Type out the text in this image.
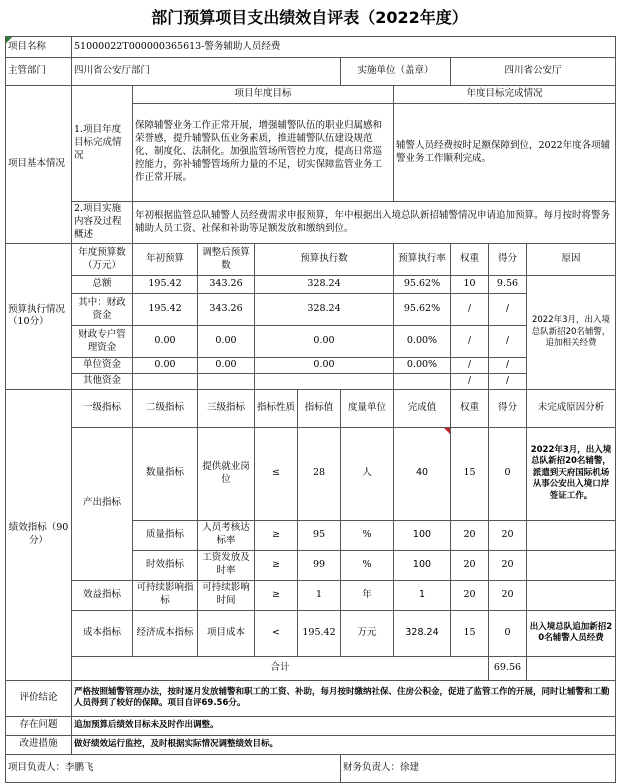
部门预算项目支出绩效自评表（2022年度）
项目名称	51000022T000000365613-警务辅助人员经费									
主管部门	四川省公安厅部门					实施单位（盖章）		四川省公安厅		
项目基本情况	1.项目年度目标完成情况	项目年度目标					年度目标完成情况			
		保障辅警业务工作正常开展，增强辅警队伍的职业归属感和荣誉感，提升辅警队伍业务素质，推进辅警队伍建设规范化、制度化、法制化。加强监管场所管控力度，提高日常巡控能力，弥补辅警管场所力量的不足，切实保障监管业务工作正常开展。					辅警人员经费按时足额保障到位，2022年度各项辅警业务工作顺利完成。			
	2.项目实施内容及过程概述	年初根据监管总队辅警人员经费需求申报预算，年中根据出入境总队新招辅警情况申请追加预算。每月按时将警务辅助人员工资、社保和补助等足额发放和缴纳到位。								
预算执行情况（10分）	年度预算数（万元）	年初预算	调整后预算数	预算执行数			预算执行率	权重	得分	原因
	总额	195.42	343.26	328.24			95.62%	10	9.56	2022年3月，出入境总队新招20名辅警，追加相关经费
	其中：财政资金	195.42	343.26	328.24			95.62%	/	/	
	财政专户管理资金	0.00	0.00	0.00			0.00%	/	/	
	单位资金	0.00	0.00	0.00			0.00%	/	/	
	其他资金							/	/	
绩效指标（90分）	一级指标	二级指标	三级指标	指标性质	指标值	度量单位	完成值	权重	得分	未完成原因分析
	产出指标	数量指标	提供就业岗位	≤	28	人	40	15	0	2022年3月，出入境总队新招20名辅警，派遣到天府国际机场从事公安出入境口岸签证工作。
		质量指标	人员考核达标率	≥	95	%	100	20	20	
		时效指标	工资发放及时率	≥	99	%	100	20	20	
	效益指标	可持续影响指标	可持续影响时间	≥	1	年	1	20	20	
	成本指标	经济成本指标	项目成本	<	195.42	万元	328.24	15	0	出入境总队追加新招20名辅警人员经费
	合计								69.56	
评价结论	严格按照辅警管理办法，按时逐月发放辅警和职工的工资、补助，每月按时缴纳社保、住房公积金，促进了监管工作的开展，同时让辅警和工勤人员得到了较好的保障。项目自评69.56分。									
存在问题	追加预算后绩效目标未及时作出调整。									
改进措施	做好绩效运行监控，及时根据实际情况调整绩效目标。									
项目负责人：李鹏飞						财务负责人：徐建				
